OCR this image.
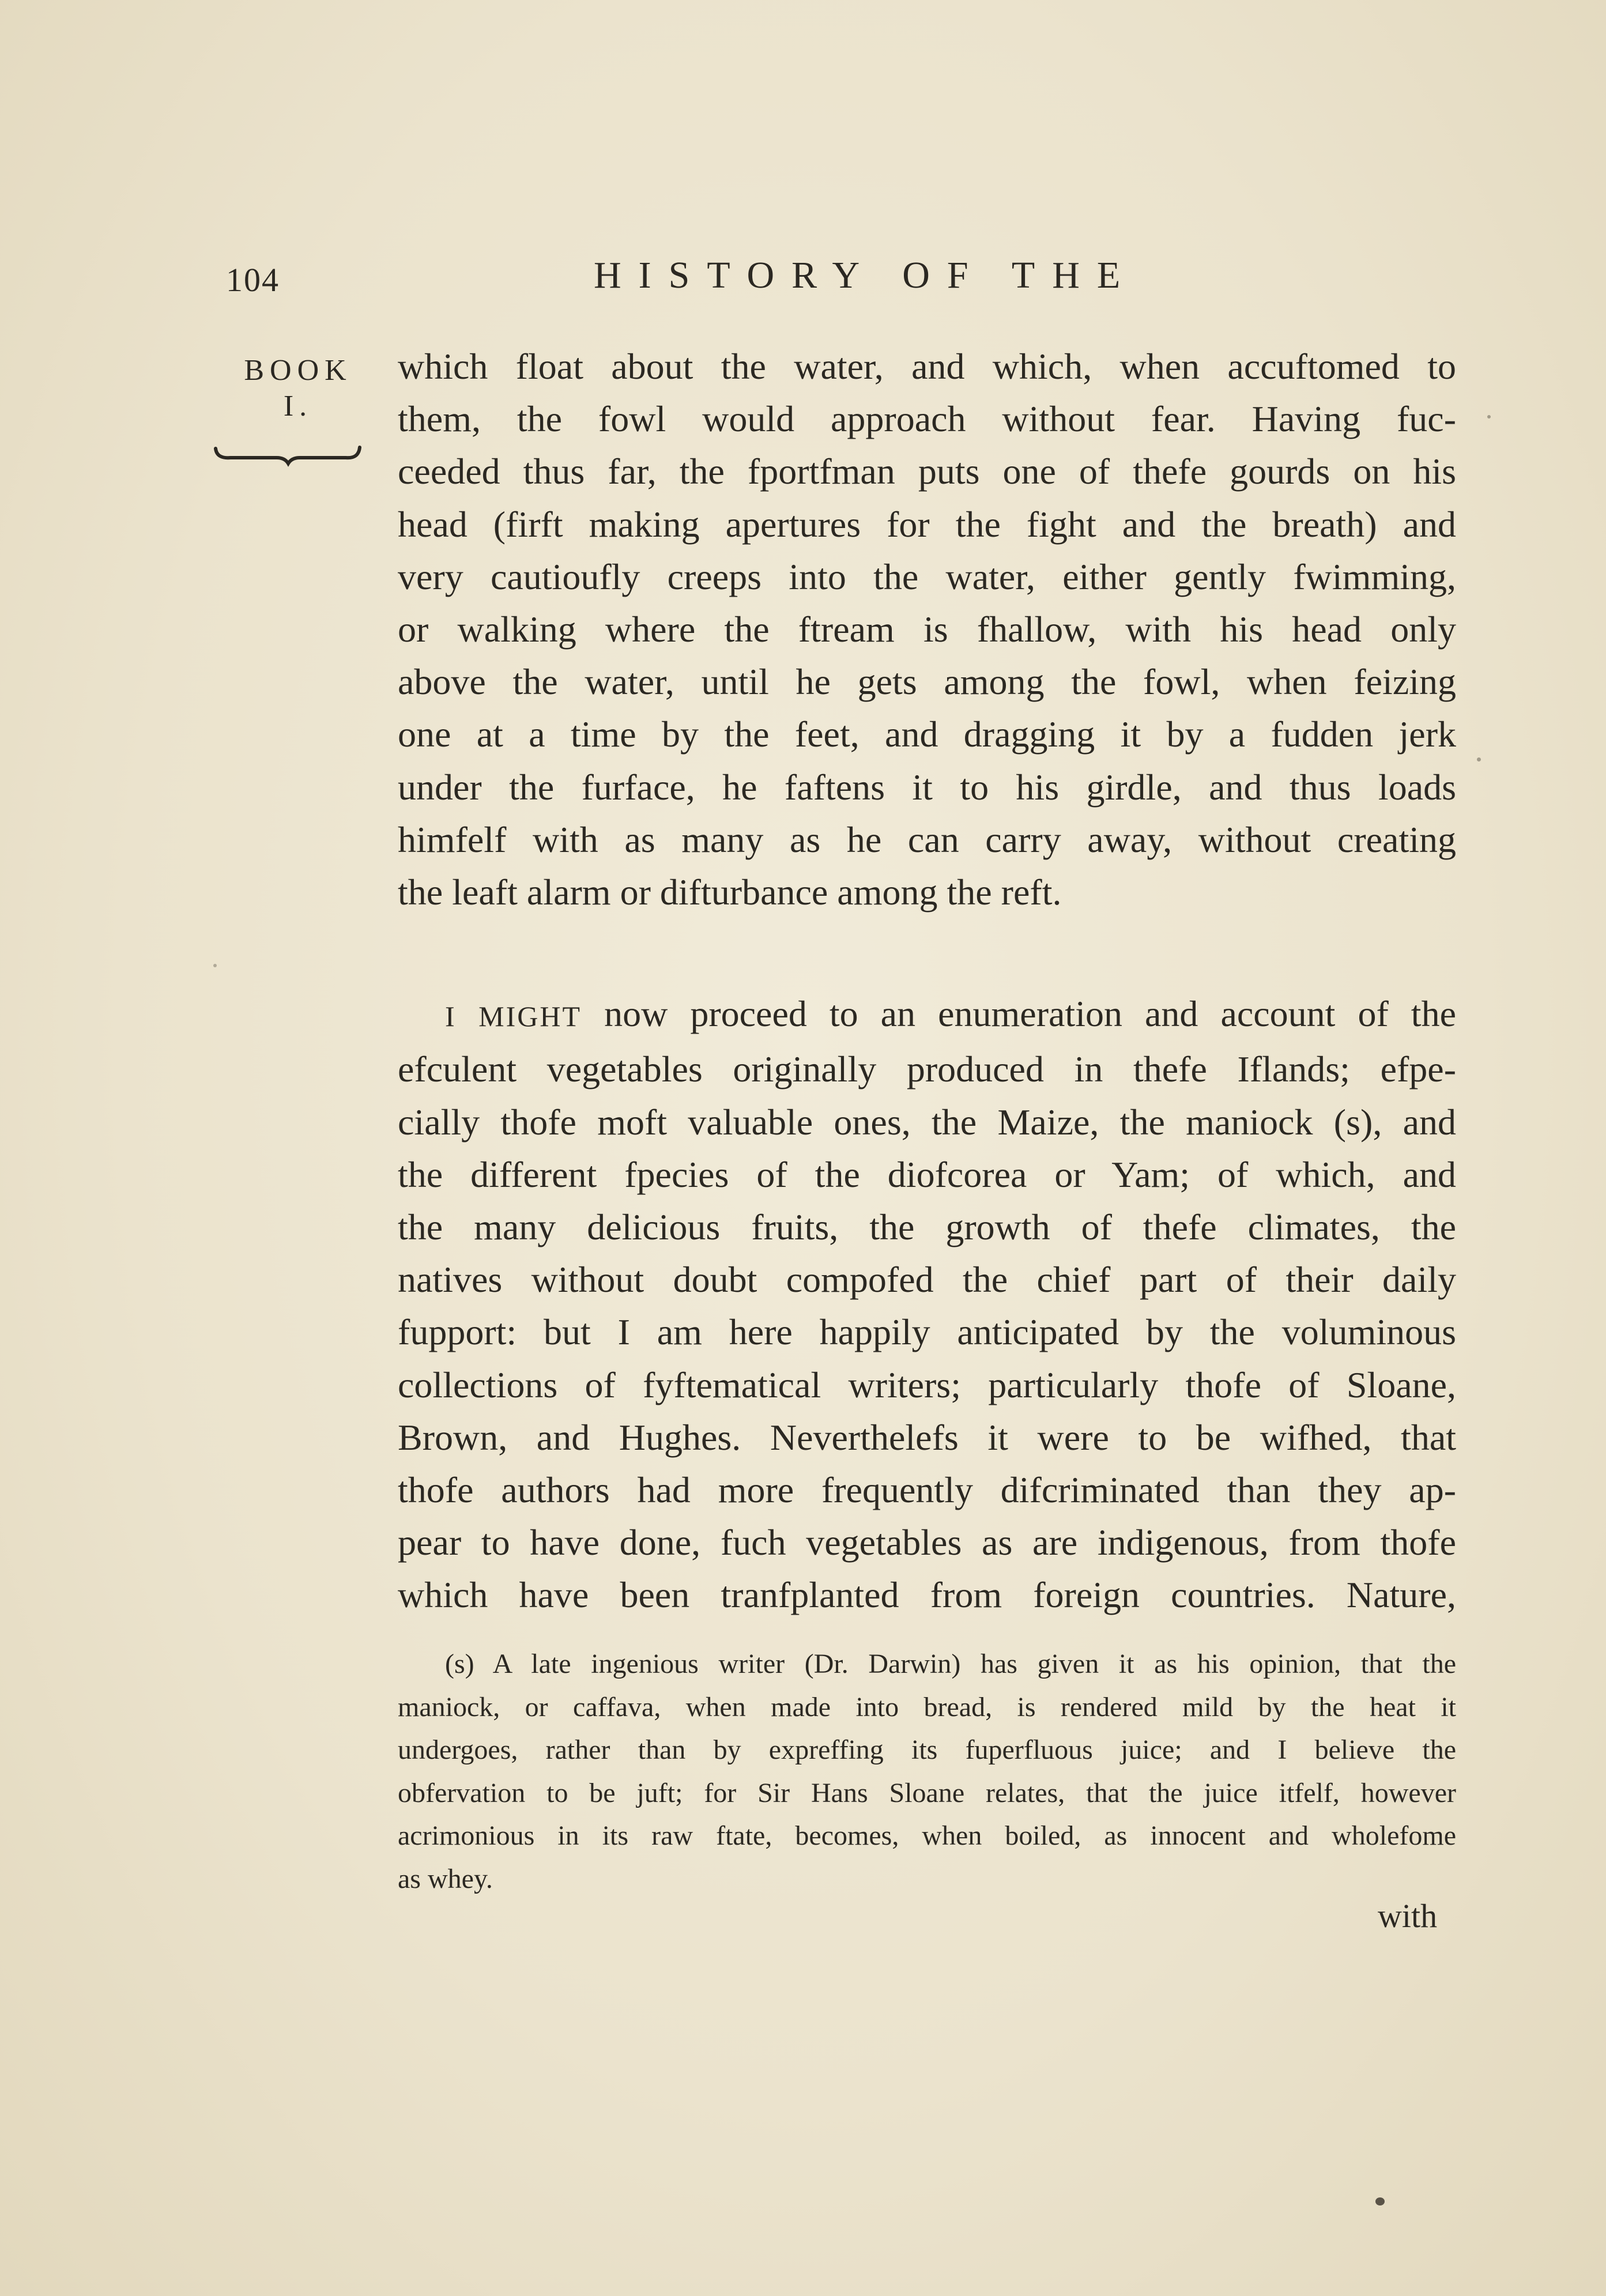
104	HISTORY OF THE
BOOK
I.
which float about the water, and which, when accuftomed to
them, the fowl would approach without fear. Having fuc-
ceeded thus far, the fportfman puts one of thefe gourds on his
head (firft making apertures for the fight and the breath) and
very cautioufly creeps into the water, either gently fwimming,
or walking where the ftream is fhallow, with his head only
above the water, until he gets among the fowl, when feizing
one at a time by the feet, and dragging it by a fudden jerk
under the furface, he faftens it to his girdle, and thus loads
himfelf with as many as he can carry away, without creating
the leaft alarm or difturbance among the reft.
I MIGHT now proceed to an enumeration and account of the
efculent vegetables originally produced in thefe Iflands; efpe-
cially thofe moft valuable ones, the Maize, the maniock (s), and
the different fpecies of the diofcorea or Yam; of which, and
the many delicious fruits, the growth of thefe climates, the
natives without doubt compofed the chief part of their daily
fupport: but I am here happily anticipated by the voluminous
collections of fyftematical writers; particularly thofe of Sloane,
Brown, and Hughes. Neverthelefs it were to be wifhed, that
thofe authors had more frequently difcriminated than they ap-
pear to have done, fuch vegetables as are indigenous, from thofe
which have been tranfplanted from foreign countries. Nature,
(s) A late ingenious writer (Dr. Darwin) has given it as his opinion, that the
maniock, or caffava, when made into bread, is rendered mild by the heat it
undergoes, rather than by expreffing its fuperfluous juice; and I believe the
obfervation to be juft; for Sir Hans Sloane relates, that the juice itfelf, however
acrimonious in its raw ftate, becomes, when boiled, as innocent and wholefome
as whey.
with
